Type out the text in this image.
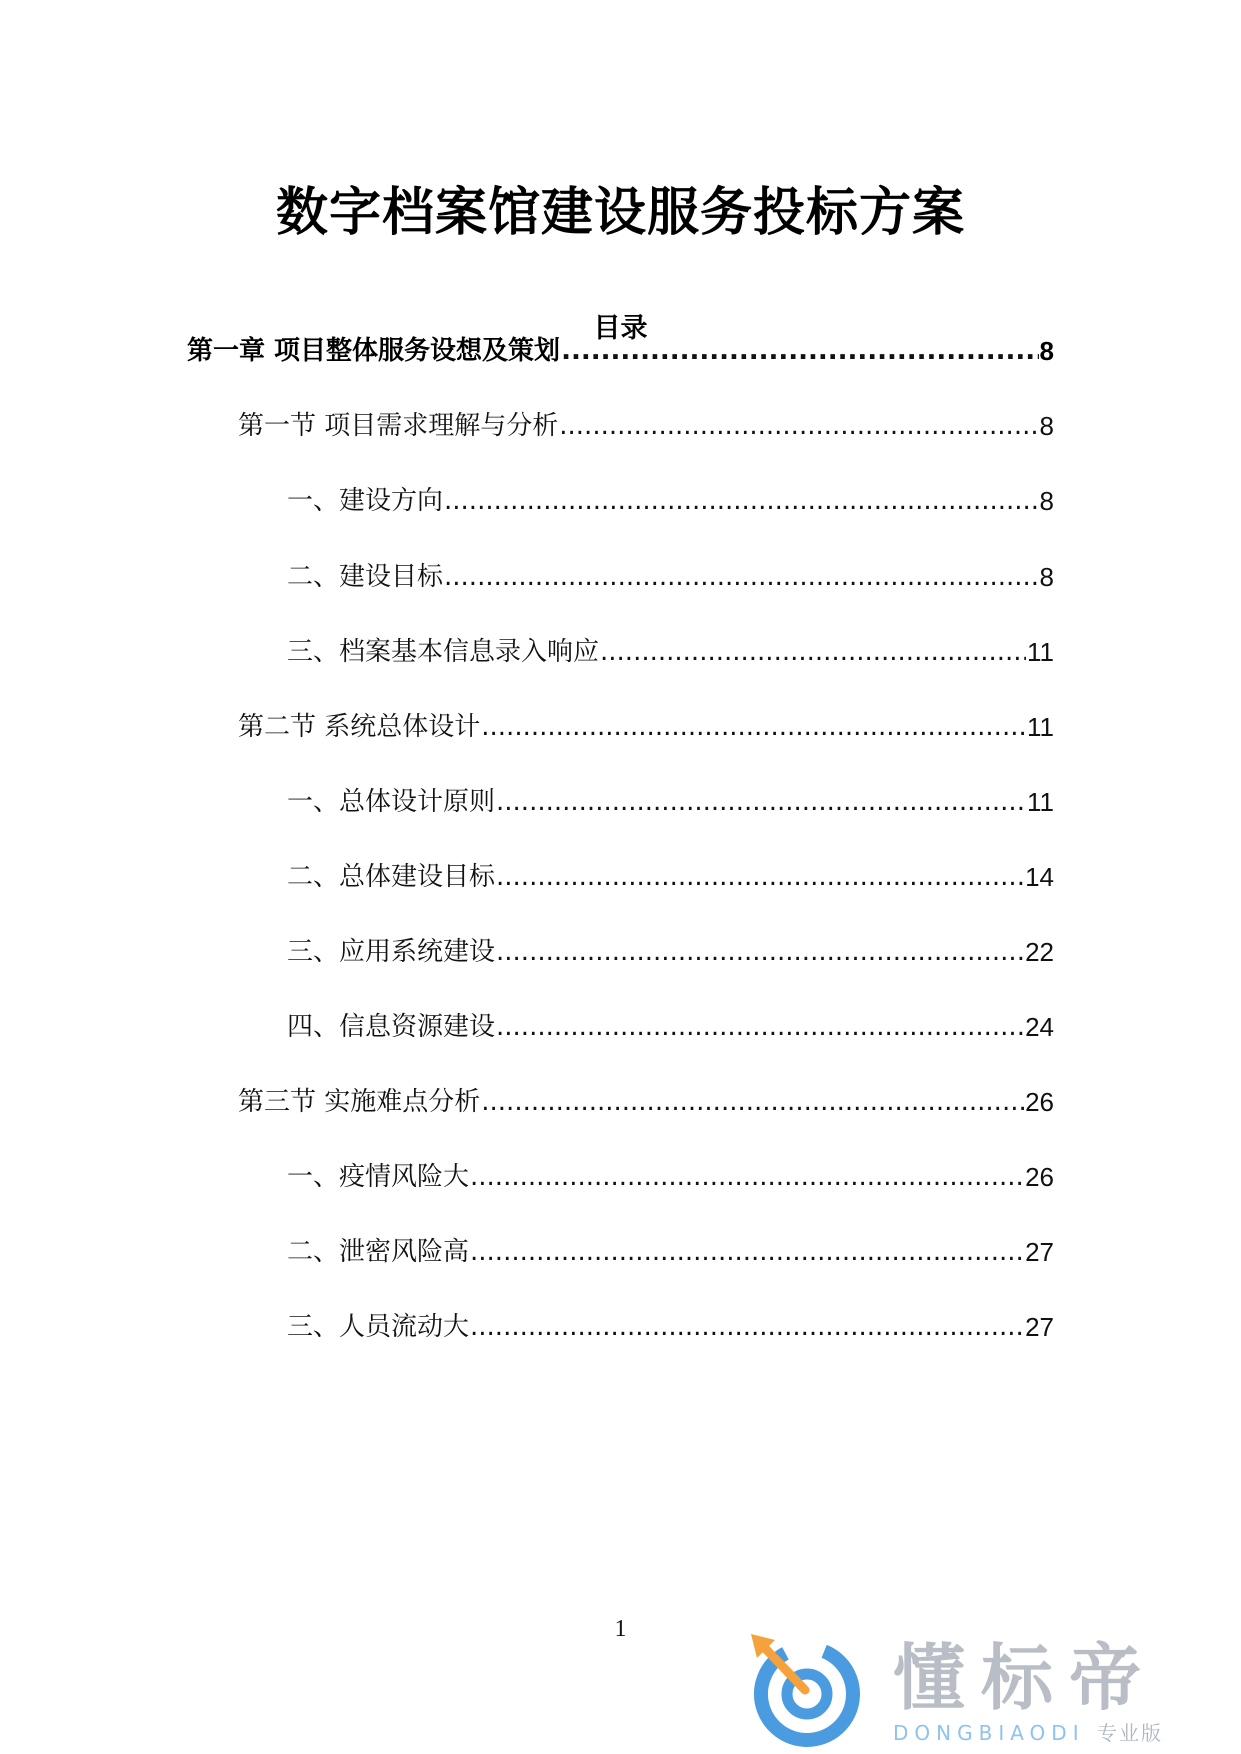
数字档案馆建设服务投标方案
目录
第一章 项目整体服务设想及策划 .....	8
第一节 项目需求理解与分析 .....	8
一、建设方向 .....	8
二、建设目标 .....	8
三、档案基本信息录入响应 .....	11
第二节 系统总体设计 .....	11
一、总体设计原则 .....	11
二、总体建设目标 .....	14
三、应用系统建设 .....	22
四、信息资源建设 .....	24
第三节 实施难点分析 .....	26
一、疫情风险大 .....	26
二、泄密风险高 .....	27
三、人员流动大 .....	27
1
懂标帝
DONGBIAODI 专业版
